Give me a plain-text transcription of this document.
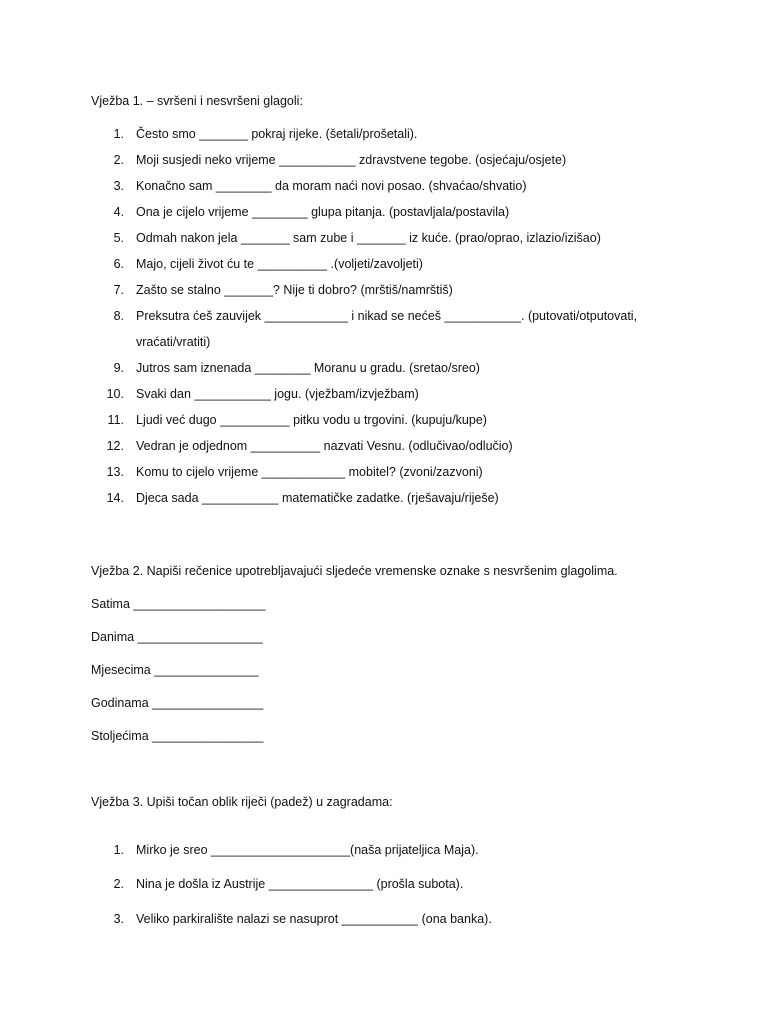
Vježba 1. – svršeni i nesvršeni glagoli:
1. Često smo _______ pokraj rijeke. (šetali/prošetali).
2. Moji susjedi neko vrijeme ___________ zdravstvene tegobe. (osjećaju/osjete)
3. Konačno sam ________ da moram naći novi posao. (shvaćao/shvatio)
4. Ona je cijelo vrijeme ________ glupa pitanja. (postavljala/postavila)
5. Odmah nakon jela _______ sam zube i _______ iz kuće. (prao/oprao, izlazio/izišao)
6. Majo, cijeli život ću te __________ .(voljeti/zavoljeti)
7. Zašto se stalno _______? Nije ti dobro? (mrštiš/namrštiš)
8. Preksutra ćeš zauvijek ____________ i nikad se nećeš ___________. (putovati/otputovati,
vraćati/vratiti)
9. Jutros sam iznenada ________ Moranu u gradu. (sretao/sreo)
10. Svaki dan ___________ jogu. (vježbam/izvježbam)
11. Ljudi već dugo __________ pitku vodu u trgovini. (kupuju/kupe)
12. Vedran je odjednom __________ nazvati Vesnu. (odlučivao/odlučio)
13. Komu to cijelo vrijeme ____________ mobitel? (zvoni/zazvoni)
14. Djeca sada ___________ matematičke zadatke. (rješavaju/riješe)
Vježba 2. Napiši rečenice upotrebljavajući sljedeće vremenske oznake s nesvršenim glagolima.
Satima ___________________
Danima __________________
Mjesecima _______________
Godinama ________________
Stoljećima ________________
Vježba 3. Upiši točan oblik riječi (padež) u zagradama:
1. Mirko je sreo ____________________(naša prijateljica Maja).
2. Nina je došla iz Austrije _______________ (prošla subota).
3. Veliko parkiralište nalazi se nasuprot ___________ (ona banka).
